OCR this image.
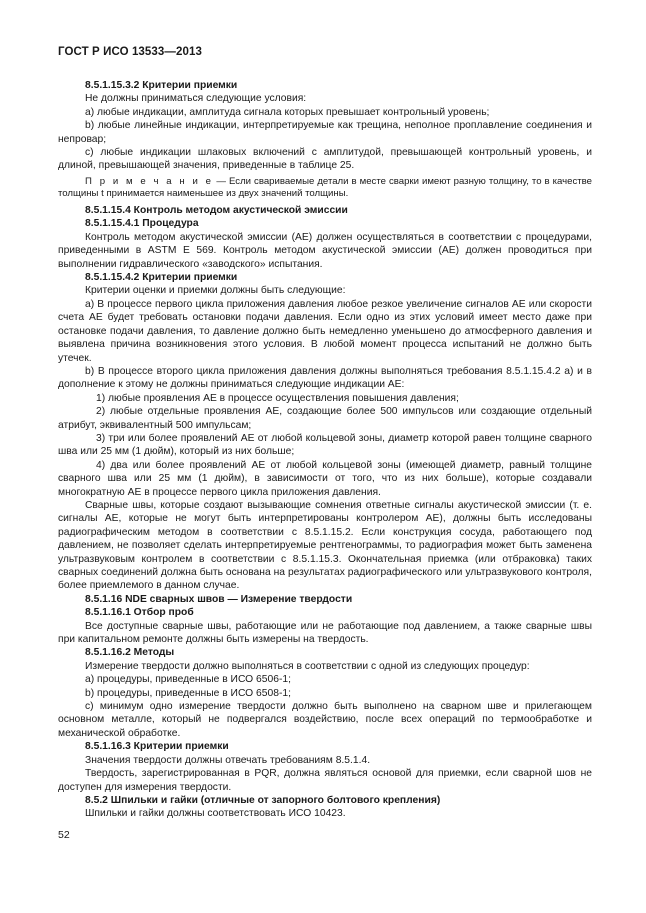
ГОСТ Р ИСО 13533—2013

8.5.1.15.3.2 Критерии приемки

Не должны приниматься следующие условия:

a) любые индикации, амплитуда сигнала которых превышает контрольный уровень;

b) любые линейные индикации, интерпретируемые как трещина, неполное проплавление соединения и непровар;

c) любые индикации шлаковых включений с амплитудой, превышающей контрольный уровень, и длиной, превышающей значения, приведенные в таблице 25.

П р и м е ч а н и е — Если свариваемые детали в месте сварки имеют разную толщину, то в качестве толщины t принимается наименьшее из двух значений толщины.

8.5.1.15.4 Контроль методом акустической эмиссии

8.5.1.15.4.1 Процедура

Контроль методом акустической эмиссии (АЕ) должен осуществляться в соответствии с процедурами, приведенными в ASTM Е 569. Контроль методом акустической эмиссии (АЕ) должен проводиться при выполнении гидравлического «заводского» испытания.

8.5.1.15.4.2 Критерии приемки

Критерии оценки и приемки должны быть следующие:

a) В процессе первого цикла приложения давления любое резкое увеличение сигналов АЕ или скорости счета АЕ будет требовать остановки подачи давления. Если одно из этих условий имеет место даже при остановке подачи давления, то давление должно быть немедленно уменьшено до атмосферного давления и выявлена причина возникновения этого условия. В любой момент процесса испытаний не должно быть утечек.

b) В процессе второго цикла приложения давления должны выполняться требования 8.5.1.15.4.2 а) и в дополнение к этому не должны приниматься следующие индикации АЕ:

1) любые проявления АЕ в процессе осуществления повышения давления;

2) любые отдельные проявления АЕ, создающие более 500 импульсов или создающие отдельный атрибут, эквивалентный 500 импульсам;

3) три или более проявлений АЕ от любой кольцевой зоны, диаметр которой равен толщине сварного шва или 25 мм (1 дюйм), который из них больше;

4) два или более проявлений АЕ от любой кольцевой зоны (имеющей диаметр, равный толщине сварного шва или 25 мм (1 дюйм), в зависимости от того, что из них больше), которые создавали многократную АЕ в процессе первого цикла приложения давления.

Сварные швы, которые создают вызывающие сомнения ответные сигналы акустической эмиссии (т. е. сигналы АЕ, которые не могут быть интерпретированы контролером АЕ), должны быть исследованы радиографическим методом в соответствии с 8.5.1.15.2. Если конструкция сосуда, работающего под давлением, не позволяет сделать интерпретируемые рентгенограммы, то радиография может быть заменена ультразвуковым контролем в соответствии с 8.5.1.15.3. Окончательная приемка (или отбраковка) таких сварных соединений должна быть основана на результатах радиографического или ультразвукового контроля, более приемлемого в данном случае.

8.5.1.16 NDE сварных швов — Измерение твердости

8.5.1.16.1 Отбор проб

Все доступные сварные швы, работающие или не работающие под давлением, а также сварные швы при капитальном ремонте должны быть измерены на твердость.

8.5.1.16.2 Методы

Измерение твердости должно выполняться в соответствии с одной из следующих процедур:

a) процедуры, приведенные в ИСО 6506-1;

b) процедуры, приведенные в ИСО 6508-1;

c) минимум одно измерение твердости должно быть выполнено на сварном шве и прилегающем основном металле, который не подвергался воздействию, после всех операций по термообработке и механической обработке.

8.5.1.16.3 Критерии приемки

Значения твердости должны отвечать требованиям 8.5.1.4.

Твердость, зарегистрированная в PQR, должна являться основой для приемки, если сварной шов не доступен для измерения твердости.

8.5.2 Шпильки и гайки (отличные от запорного болтового крепления)

Шпильки и гайки должны соответствовать ИСО 10423.

52
